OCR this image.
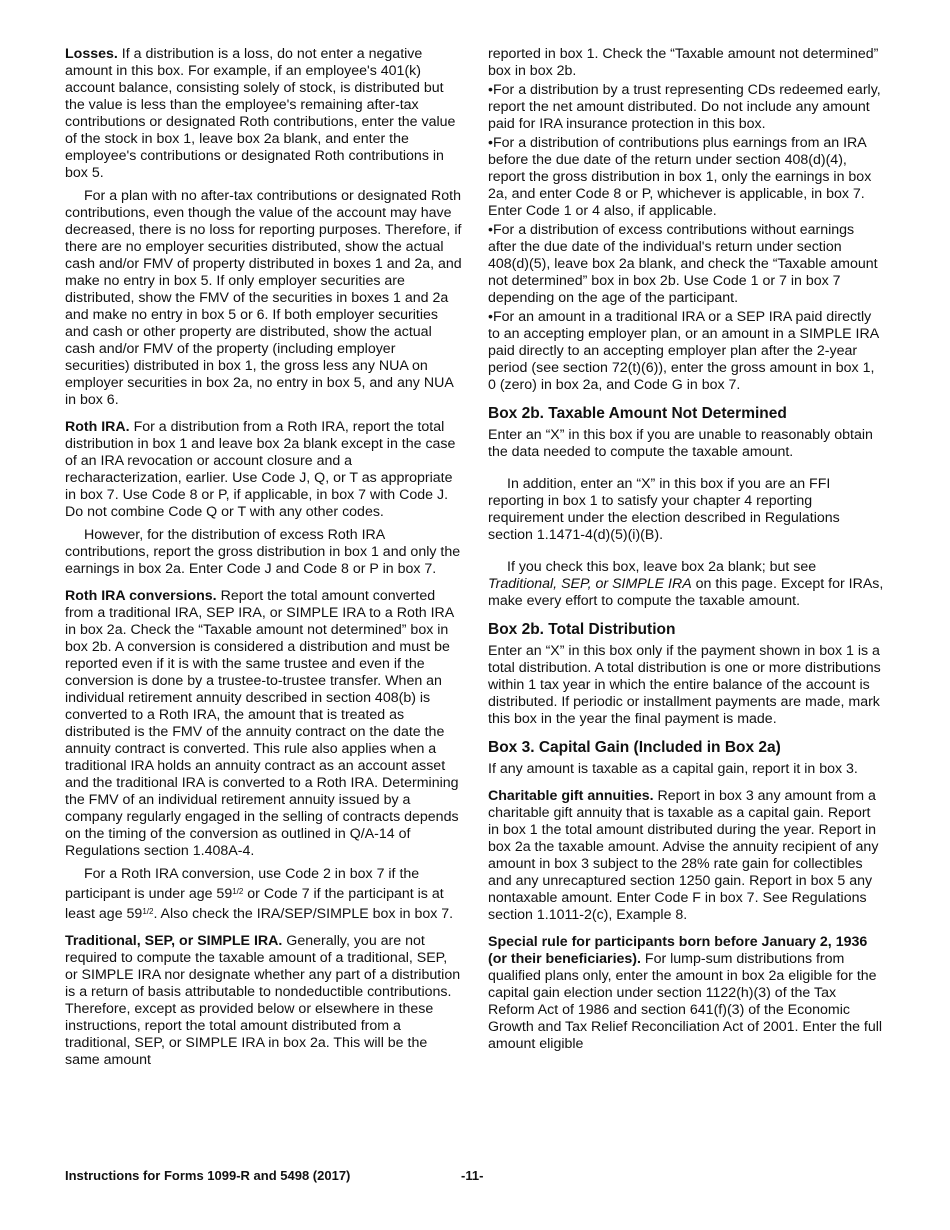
Losses. If a distribution is a loss, do not enter a negative amount in this box. For example, if an employee's 401(k) account balance, consisting solely of stock, is distributed but the value is less than the employee's remaining after-tax contributions or designated Roth contributions, enter the value of the stock in box 1, leave box 2a blank, and enter the employee's contributions or designated Roth contributions in box 5.

For a plan with no after-tax contributions or designated Roth contributions, even though the value of the account may have decreased, there is no loss for reporting purposes. Therefore, if there are no employer securities distributed, show the actual cash and/or FMV of property distributed in boxes 1 and 2a, and make no entry in box 5. If only employer securities are distributed, show the FMV of the securities in boxes 1 and 2a and make no entry in box 5 or 6. If both employer securities and cash or other property are distributed, show the actual cash and/or FMV of the property (including employer securities) distributed in box 1, the gross less any NUA on employer securities in box 2a, no entry in box 5, and any NUA in box 6.

Roth IRA. For a distribution from a Roth IRA, report the total distribution in box 1 and leave box 2a blank except in the case of an IRA revocation or account closure and a recharacterization, earlier. Use Code J, Q, or T as appropriate in box 7. Use Code 8 or P, if applicable, in box 7 with Code J. Do not combine Code Q or T with any other codes.

However, for the distribution of excess Roth IRA contributions, report the gross distribution in box 1 and only the earnings in box 2a. Enter Code J and Code 8 or P in box 7.

Roth IRA conversions. Report the total amount converted from a traditional IRA, SEP IRA, or SIMPLE IRA to a Roth IRA in box 2a. Check the “Taxable amount not determined” box in box 2b. A conversion is considered a distribution and must be reported even if it is with the same trustee and even if the conversion is done by a trustee-to-trustee transfer. When an individual retirement annuity described in section 408(b) is converted to a Roth IRA, the amount that is treated as distributed is the FMV of the annuity contract on the date the annuity contract is converted. This rule also applies when a traditional IRA holds an annuity contract as an account asset and the traditional IRA is converted to a Roth IRA. Determining the FMV of an individual retirement annuity issued by a company regularly engaged in the selling of contracts depends on the timing of the conversion as outlined in Q/A-14 of Regulations section 1.408A-4.

For a Roth IRA conversion, use Code 2 in box 7 if the participant is under age $59^{1/2}$ or Code 7 if the participant is at least age $59^{1/2}$. Also check the IRA/SEP/SIMPLE box in box 7.

Traditional, SEP, or SIMPLE IRA. Generally, you are not required to compute the taxable amount of a traditional, SEP, or SIMPLE IRA nor designate whether any part of a distribution is a return of basis attributable to nondeductible contributions. Therefore, except as provided below or elsewhere in these instructions, report the total amount distributed from a traditional, SEP, or SIMPLE IRA in box 2a. This will be the same amount

reported in box 1. Check the “Taxable amount not determined” box in box 2b.

•For a distribution by a trust representing CDs redeemed early, report the net amount distributed. Do not include any amount paid for IRA insurance protection in this box.

•For a distribution of contributions plus earnings from an IRA before the due date of the return under section 408(d)(4), report the gross distribution in box 1, only the earnings in box 2a, and enter Code 8 or P, whichever is applicable, in box 7. Enter Code 1 or 4 also, if applicable.

•For a distribution of excess contributions without earnings after the due date of the individual's return under section 408(d)(5), leave box 2a blank, and check the “Taxable amount not determined” box in box 2b. Use Code 1 or 7 in box 7 depending on the age of the participant.

•For an amount in a traditional IRA or a SEP IRA paid directly to an accepting employer plan, or an amount in a SIMPLE IRA paid directly to an accepting employer plan after the 2-year period (see section 72(t)(6)), enter the gross amount in box 1, 0 (zero) in box 2a, and Code G in box 7.

Box 2b. Taxable Amount Not Determined

Enter an “X” in this box if you are unable to reasonably obtain the data needed to compute the taxable amount.

In addition, enter an “X” in this box if you are an FFI reporting in box 1 to satisfy your chapter 4 reporting requirement under the election described in Regulations section 1.1471-4(d)(5)(i)(B).

If you check this box, leave box 2a blank; but see Traditional, SEP, or SIMPLE IRA on this page. Except for IRAs, make every effort to compute the taxable amount.

Box 2b. Total Distribution

Enter an “X” in this box only if the payment shown in box 1 is a total distribution. A total distribution is one or more distributions within 1 tax year in which the entire balance of the account is distributed. If periodic or installment payments are made, mark this box in the year the final payment is made.

Box 3. Capital Gain (Included in Box 2a)

If any amount is taxable as a capital gain, report it in box 3.

Charitable gift annuities. Report in box 3 any amount from a charitable gift annuity that is taxable as a capital gain. Report in box 1 the total amount distributed during the year. Report in box 2a the taxable amount. Advise the annuity recipient of any amount in box 3 subject to the 28% rate gain for collectibles and any unrecaptured section 1250 gain. Report in box 5 any nontaxable amount. Enter Code F in box 7. See Regulations section 1.1011-2(c), Example 8.

Special rule for participants born before January 2, 1936 (or their beneficiaries). For lump-sum distributions from qualified plans only, enter the amount in box 2a eligible for the capital gain election under section 1122(h)(3) of the Tax Reform Act of 1986 and section 641(f)(3) of the Economic Growth and Tax Relief Reconciliation Act of 2001. Enter the full amount eligible

Instructions for Forms 1099-R and 5498 (2017)	-11-
